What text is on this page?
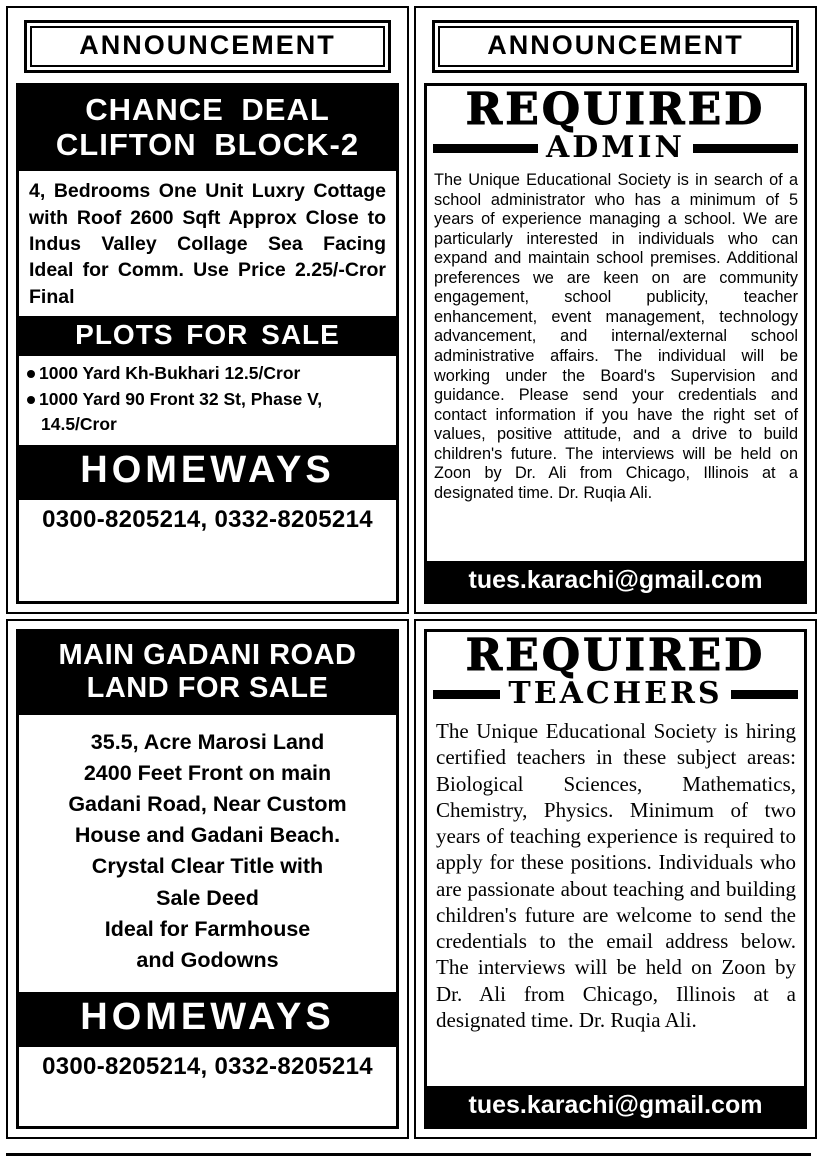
ANNOUNCEMENT
CHANCE DEAL
CLIFTON BLOCK-2
4, Bedrooms One Unit Luxry Cottage with Roof 2600 Sqft Approx Close to Indus Valley Collage Sea Facing Ideal for Comm. Use Price 2.25/-Cror Final
PLOTS FOR SALE
1000 Yard Kh-Bukhari 12.5/Cror
1000 Yard 90 Front 32 St, Phase V,
14.5/Cror
HOMEWAYS
0300-8205214, 0332-8205214
ANNOUNCEMENT
REQUIRED
ADMIN
The Unique Educational Society is in search of a school administrator who has a minimum of 5 years of experience managing a school. We are particularly interested in individuals who can expand and maintain school premises. Additional preferences we are keen on are community engagement, school publicity, teacher enhancement, event management, technology advancement, and internal/external school administrative affairs. The individual will be working under the Board's Supervision and guidance. Please send your credentials and contact information if you have the right set of values, positive attitude, and a drive to build children's future. The interviews will be held on Zoon by Dr. Ali from Chicago, Illinois at a designated time. Dr. Ruqia Ali.
tues.karachi@gmail.com
MAIN GADANI ROAD
LAND FOR SALE
35.5, Acre Marosi Land
2400 Feet Front on main
Gadani Road, Near Custom
House and Gadani Beach.
Crystal Clear Title with
Sale Deed
Ideal for Farmhouse
and Godowns
HOMEWAYS
0300-8205214, 0332-8205214
REQUIRED
TEACHERS
The Unique Educational Society is hiring certified teachers in these subject areas: Biological Sciences, Mathematics, Chemistry, Physics. Minimum of two years of teaching experience is required to apply for these positions. Individuals who are passionate about teaching and building children's future are welcome to send the credentials to the email address below. The interviews will be held on Zoon by Dr. Ali from Chicago, Illinois at a designated time. Dr. Ruqia Ali.
tues.karachi@gmail.com
